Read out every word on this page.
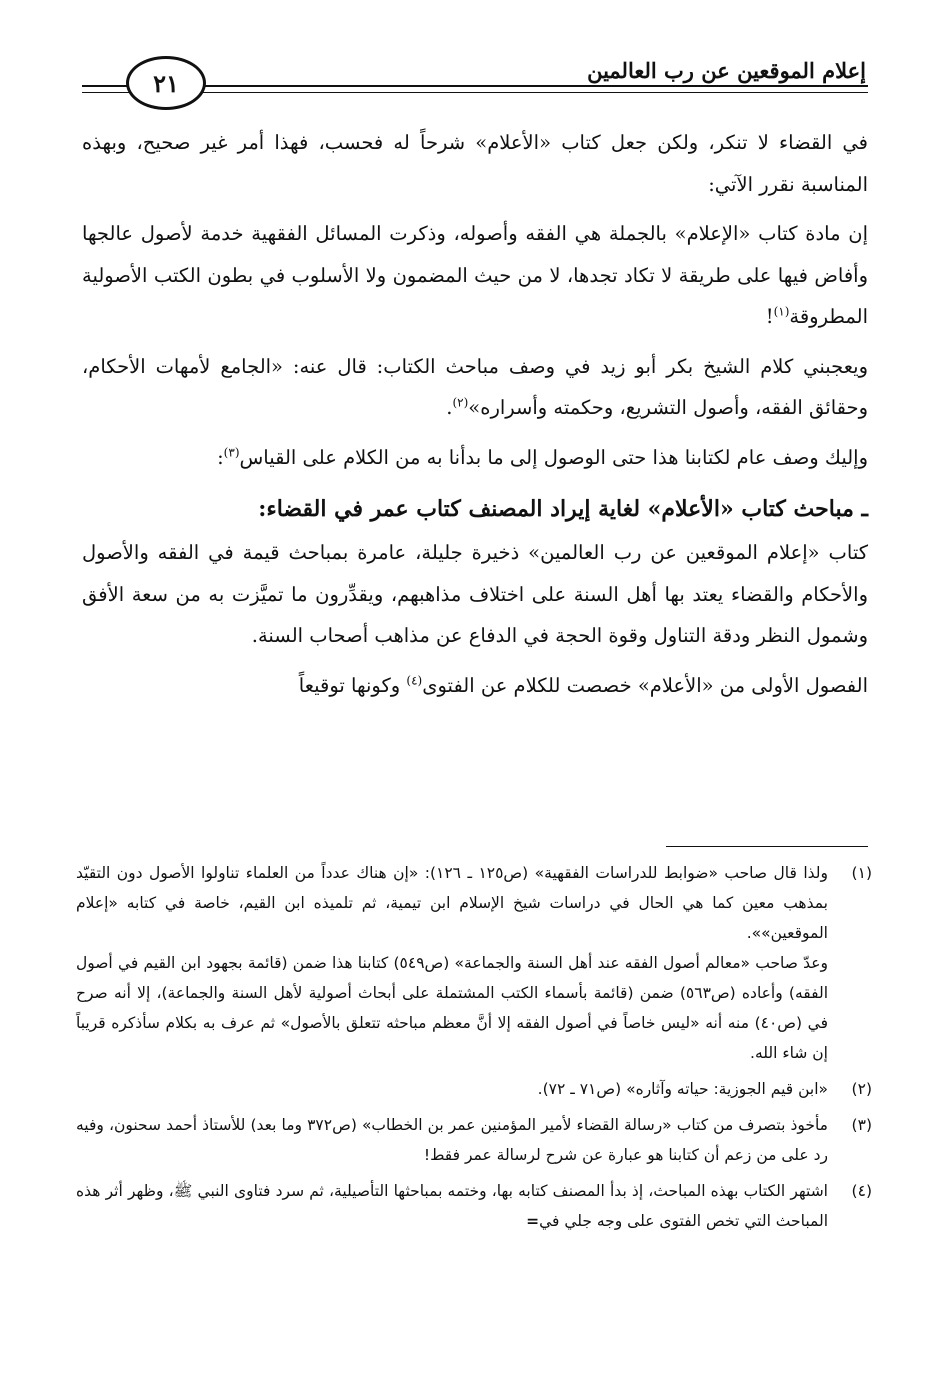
إعلام الموقعين عن رب العالمين
٢١

في القضاء لا تنكر، ولكن جعل كتاب «الأعلام» شرحاً له فحسب، فهذا أمر غير صحيح، وبهذه المناسبة نقرر الآتي:

إن مادة كتاب «الإعلام» بالجملة هي الفقه وأصوله، وذكرت المسائل الفقهية خدمة لأصول عالجها وأفاض فيها على طريقة لا تكاد تجدها، لا من حيث المضمون ولا الأسلوب في بطون الكتب الأصولية المطروقة$^{(١)}$!

ويعجبني كلام الشيخ بكر أبو زيد في وصف مباحث الكتاب: قال عنه: «الجامع لأمهات الأحكام، وحقائق الفقه، وأصول التشريع، وحكمته وأسراره»$^{(٢)}$.

وإليك وصف عام لكتابنا هذا حتى الوصول إلى ما بدأنا به من الكلام على القياس$^{(٣)}$:

ـ مباحث كتاب «الأعلام» لغاية إيراد المصنف كتاب عمر في القضاء:

كتاب «إعلام الموقعين عن رب العالمين» ذخيرة جليلة، عامرة بمباحث قيمة في الفقه والأصول والأحكام والقضاء يعتد بها أهل السنة على اختلاف مذاهبهم، ويقدِّرون ما تميَّزت به من سعة الأفق وشمول النظر ودقة التناول وقوة الحجة في الدفاع عن مذاهب أصحاب السنة.

الفصول الأولى من «الأعلام» خصصت للكلام عن الفتوى$^{(٤)}$ وكونها توقيعاً

(١)

ولذا قال صاحب «ضوابط للدراسات الفقهية» (ص١٢٥ ـ ١٢٦): «إن هناك عدداً من العلماء تناولوا الأصول دون التقيّد بمذهب معين كما هي الحال في دراسات شيخ الإسلام ابن تيمية، ثم تلميذه ابن القيم، خاصة في كتابه «إعلام الموقعين»».

وعدّ صاحب «معالم أصول الفقه عند أهل السنة والجماعة» (ص٥٤٩) كتابنا هذا ضمن (قائمة بجهود ابن القيم في أصول الفقه) وأعاده (ص٥٦٣) ضمن (قائمة بأسماء الكتب المشتملة على أبحاث أصولية لأهل السنة والجماعة)، إلا أنه صرح في (ص٤٠) منه أنه «ليس خاصاً في أصول الفقه إلا أنَّ معظم مباحثه تتعلق بالأصول» ثم عرف به بكلام سأذكره قريباً إن شاء الله.

(٢)

«ابن قيم الجوزية: حياته وآثاره» (ص٧١ ـ ٧٢).

(٣)

مأخوذ بتصرف من كتاب «رسالة القضاء لأمير المؤمنين عمر بن الخطاب» (ص٣٧٢ وما بعد) للأستاذ أحمد سحنون، وفيه رد على من زعم أن كتابنا هو عبارة عن شرح لرسالة عمر فقط!

(٤)

اشتهر الكتاب بهذه المباحث، إذ بدأ المصنف كتابه بها، وختمه بمباحثها التأصيلية، ثم سرد فتاوى النبي ﷺ، وظهر أثر هذه المباحث التي تخص الفتوى على وجه جلي في=
